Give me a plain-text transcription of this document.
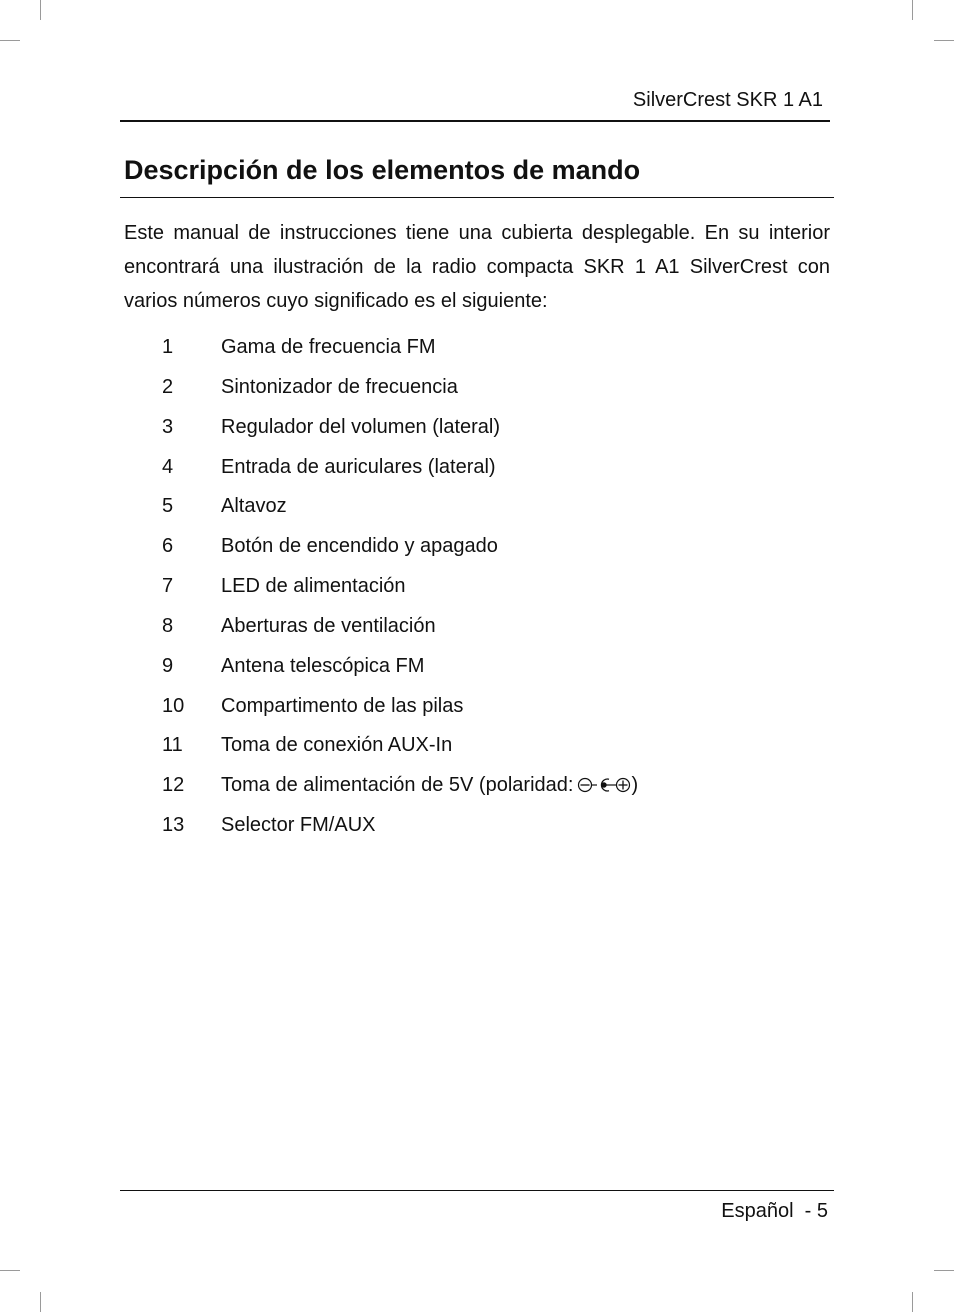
SilverCrest SKR 1 A1
Descripción de los elementos de mando

Este manual de instrucciones tiene una cubierta desplegable. En su interior encontrará una ilustración de la radio compacta SKR 1 A1 SilverCrest con varios números cuyo significado es el siguiente:

1 Gama de frecuencia FM
2 Sintonizador de frecuencia
3 Regulador del volumen (lateral)
4 Entrada de auriculares (lateral)
5 Altavoz
6 Botón de encendido y apagado
7 LED de alimentación
8 Aberturas de ventilación
9 Antena telescópica FM
10 Compartimento de las pilas
11 Toma de conexión AUX-In
12 Toma de alimentación de 5V (polaridad:	)
13 Selector FM/AUX
Español  - 5
